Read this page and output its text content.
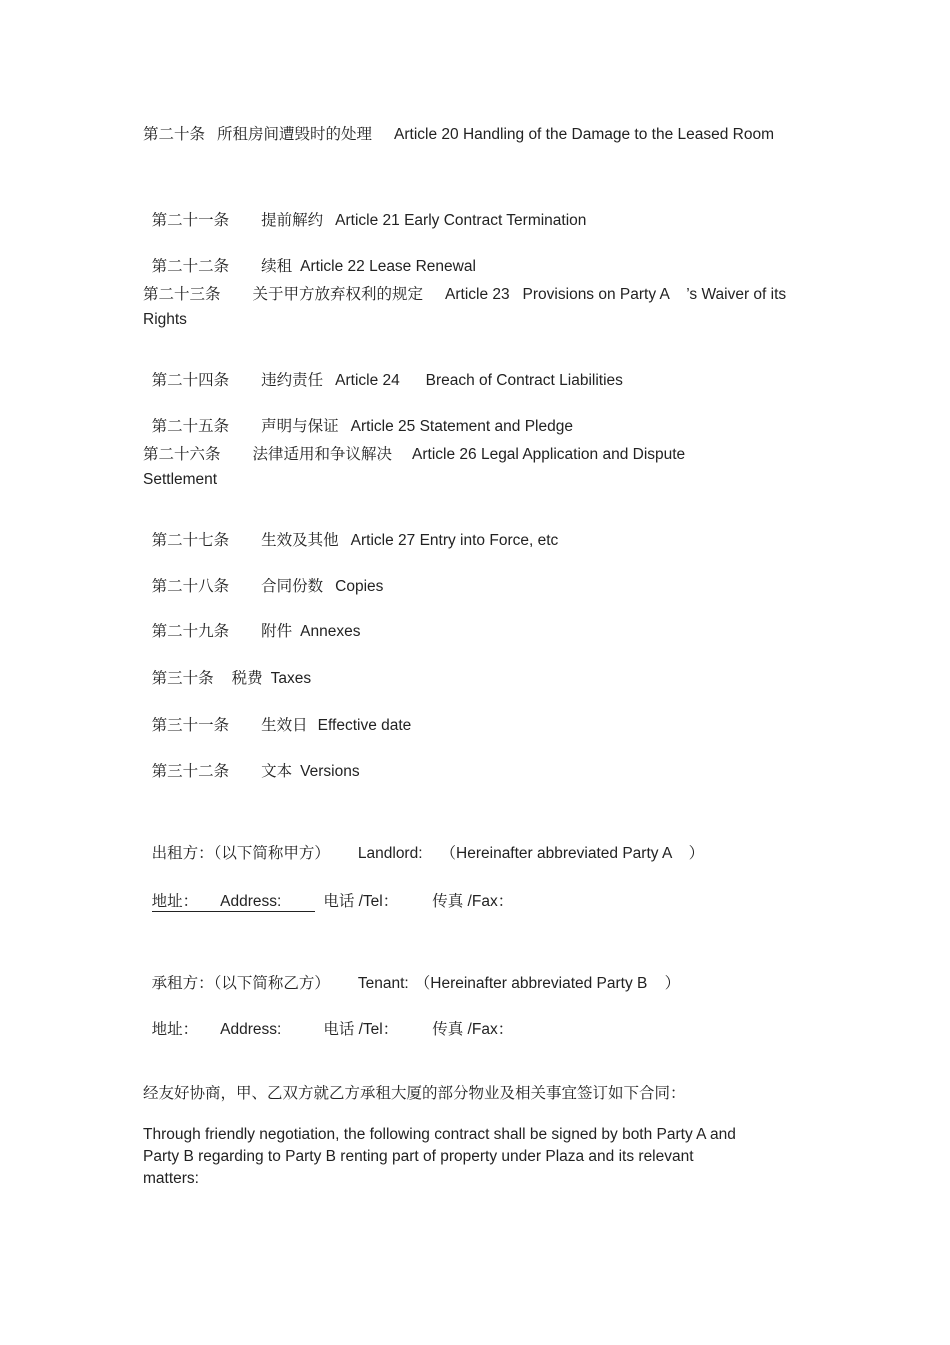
第二十条 所租房间遭毁时的处理 Article 20 Handling of the Damage to the Leased Room

第二十一条 提前解约 Article 21 Early Contract Termination

第二十二条 续租 Article 22 Lease Renewal

第二十三条 关于甲方放弃权利的规定 Article 23   Provisions on Party A    ’s Waiver of its Rights

第二十四条 违约责任 Article 24      Breach of Contract Liabilities

第二十五条 声明与保证 Article 25 Statement and Pledge

第二十六条 法律适用和争议解决 Article 26 Legal Application and Dispute Settlement

第二十七条 生效及其他 Article 27 Entry into Force, etc

第二十八条 合同份数 Copies

第二十九条 附件 Annexes

第三十条 税费 Taxes

第三十一条 生效日 Effective date

第三十二条 文本 Versions

出租方：（以下简称甲方） Landlord: （Hereinafter abbreviated Party A    ）

地址： Address:	电话 /Tel： 传真 /Fax：

承租方：（以下简称乙方） Tenant: （Hereinafter abbreviated Party B    ）

地址： Address:	电话 /Tel： 传真 /Fax：

经友好协商，甲、乙双方就乙方承租大厦的部分物业及相关事宜签订如下合同：
Through friendly negotiation, the following contract shall be signed by both Party A and Party B regarding to Party B renting part of property under Plaza and its relevant matters:
